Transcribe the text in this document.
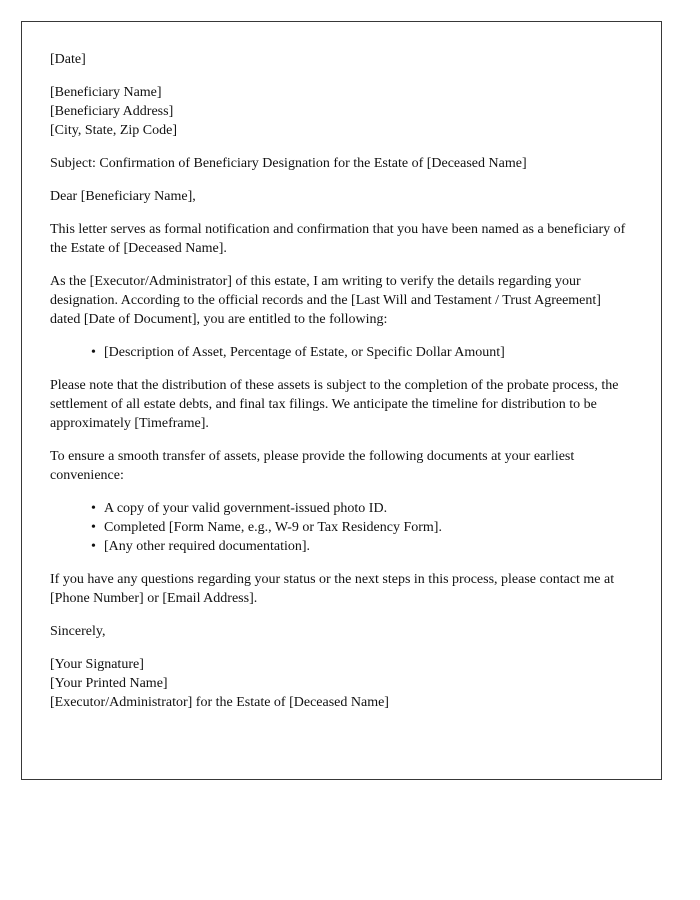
[Date]

[Beneficiary Name]
[Beneficiary Address]
[City, State, Zip Code]

Subject: Confirmation of Beneficiary Designation for the Estate of [Deceased Name]

Dear [Beneficiary Name],

This letter serves as formal notification and confirmation that you have been named as a beneficiary of the Estate of [Deceased Name].

As the [Executor/Administrator] of this estate, I am writing to verify the details regarding your designation. According to the official records and the [Last Will and Testament / Trust Agreement] dated [Date of Document], you are entitled to the following:

• [Description of Asset, Percentage of Estate, or Specific Dollar Amount]

Please note that the distribution of these assets is subject to the completion of the probate process, the settlement of all estate debts, and final tax filings. We anticipate the timeline for distribution to be approximately [Timeframe].

To ensure a smooth transfer of assets, please provide the following documents at your earliest convenience:

• A copy of your valid government-issued photo ID.
• Completed [Form Name, e.g., W-9 or Tax Residency Form].
• [Any other required documentation].

If you have any questions regarding your status or the next steps in this process, please contact me at [Phone Number] or [Email Address].

Sincerely,

[Your Signature]
[Your Printed Name]
[Executor/Administrator] for the Estate of [Deceased Name]
